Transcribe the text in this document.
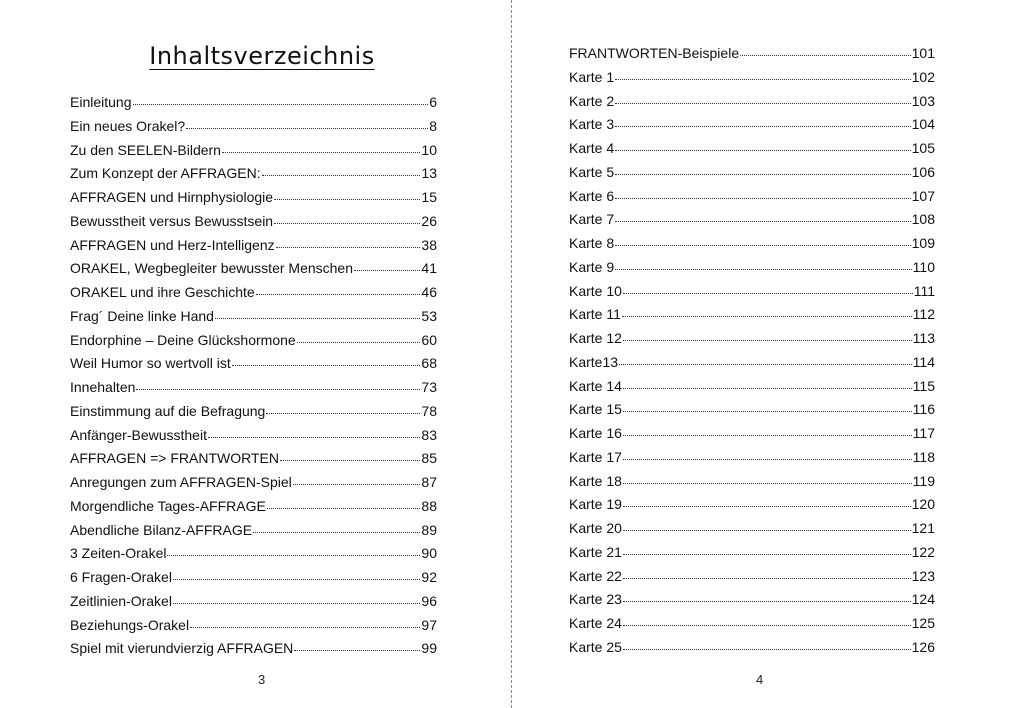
Inhaltsverzeichnis
Einleitung	6
Ein neues Orakel?	8
Zu den SEELEN-Bildern	10
Zum Konzept der AFFRAGEN:	13
AFFRAGEN und Hirnphysiologie	15
Bewusstheit versus Bewusstsein	26
AFFRAGEN und Herz-Intelligenz	38
ORAKEL, Wegbegleiter bewusster Menschen	41
ORAKEL und ihre Geschichte	46
Frag´ Deine linke Hand	53
Endorphine – Deine Glückshormone	60
Weil Humor so wertvoll ist	68
Innehalten	73
Einstimmung auf die Befragung	78
Anfänger-Bewusstheit	83
AFFRAGEN => FRANTWORTEN	85
Anregungen zum AFFRAGEN-Spiel	87
Morgendliche Tages-AFFRAGE	88
Abendliche Bilanz-AFFRAGE	89
3 Zeiten-Orakel	90
6 Fragen-Orakel	92
Zeitlinien-Orakel	96
Beziehungs-Orakel	97
Spiel mit vierundvierzig AFFRAGEN	99
3
FRANTWORTEN-Beispiele	101
Karte 1	102
Karte 2	103
Karte 3	104
Karte 4	105
Karte 5	106
Karte 6	107
Karte 7	108
Karte 8	109
Karte 9	110
Karte 10	111
Karte 11	112
Karte 12	113
Karte13	114
Karte 14	115
Karte 15	116
Karte 16	117
Karte 17	118
Karte 18	119
Karte 19	120
Karte 20	121
Karte 21	122
Karte 22	123
Karte 23	124
Karte 24	125
Karte 25	126
4
